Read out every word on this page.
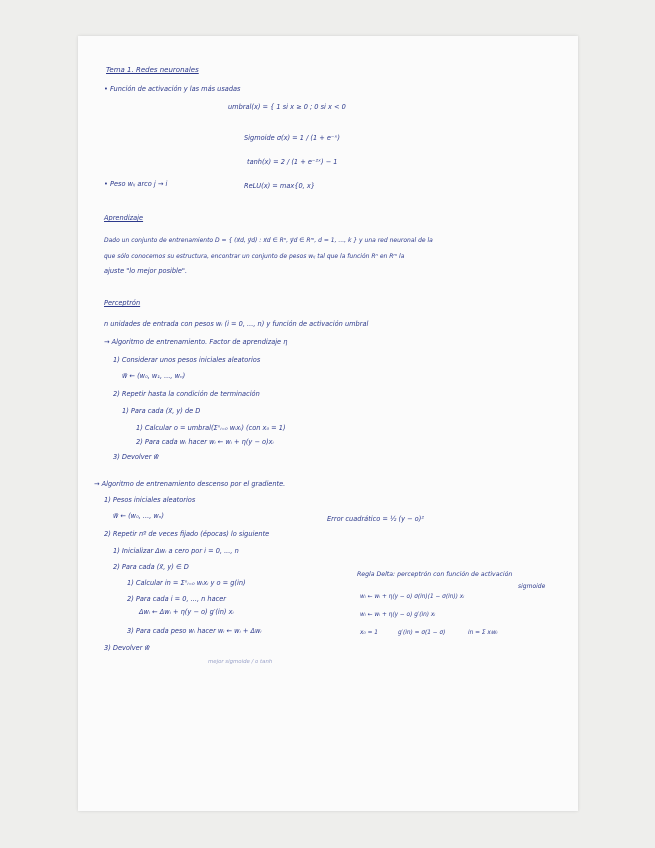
Tema 1. Redes neuronales
• Función de activación y las más usadas
umbral(x) = { 1 si x ≥ 0 ; 0 si x < 0
Sigmoide σ(x) = 1 / (1 + e⁻ˣ)
tanh(x) = 2 / (1 + e⁻²ˣ) − 1
• Peso wᵢⱼ arco j → i	ReLU(x) = max{0, x}
Aprendizaje
Dado un conjunto de entrenamiento D = { (x⃗d, y⃗d) : x⃗d ∈ Rⁿ, y⃗d ∈ Rᵐ, d = 1, ..., k } y una red neuronal de la
que sólo conocemos su estructura, encontrar un conjunto de pesos wᵢⱼ tal que la función Rⁿ en Rᵐ la
ajuste "lo mejor posible".
Perceptrón
n unidades de entrada con pesos wᵢ (i = 0, ..., n) y función de activación umbral
→ Algoritmo de entrenamiento. Factor de aprendizaje η
1) Considerar unos pesos iniciales aleatorios
w⃗ ← (w₀, w₁, ..., wₙ)
2) Repetir hasta la condición de terminación
1) Para cada (x⃗, y) de D
1) Calcular o = umbral(Σⁿᵢ₌₀ wᵢxᵢ) (con x₀ = 1)
2) Para cada wᵢ hacer wᵢ ← wᵢ + η(y − o)xᵢ
3) Devolver w⃗
→ Algoritmo de entrenamiento descenso por el gradiente.
1) Pesos iniciales aleatorios
w⃗ ← (w₀, ..., wₙ)	Error cuadrático = ½ (y − o)²
2) Repetir nº de veces fijado (épocas) lo siguiente
1) Inicializar Δwᵢ a cero por i = 0, ..., n
2) Para cada (x⃗, y) ∈ D
1) Calcular in = Σⁿᵢ₌₀ wᵢxᵢ y o = g(in)
2) Para cada i = 0, ..., n hacer
Δwᵢ ← Δwᵢ + η(y − o) g′(in) xᵢ
3) Para cada peso wᵢ hacer wᵢ ← wᵢ + Δwᵢ
3) Devolver w⃗
mejor sigmoide / o tanh
Regla Delta: perceptrón con función de activación
sigmoide
wᵢ ← wᵢ + η(y − o) σ(in)(1 − σ(in)) xᵢ
wᵢ ← wᵢ + η(y − o) g′(in) xᵢ
x₀ = 1	g′(in) = σ(1 − σ)	in = Σ xᵢwᵢ
